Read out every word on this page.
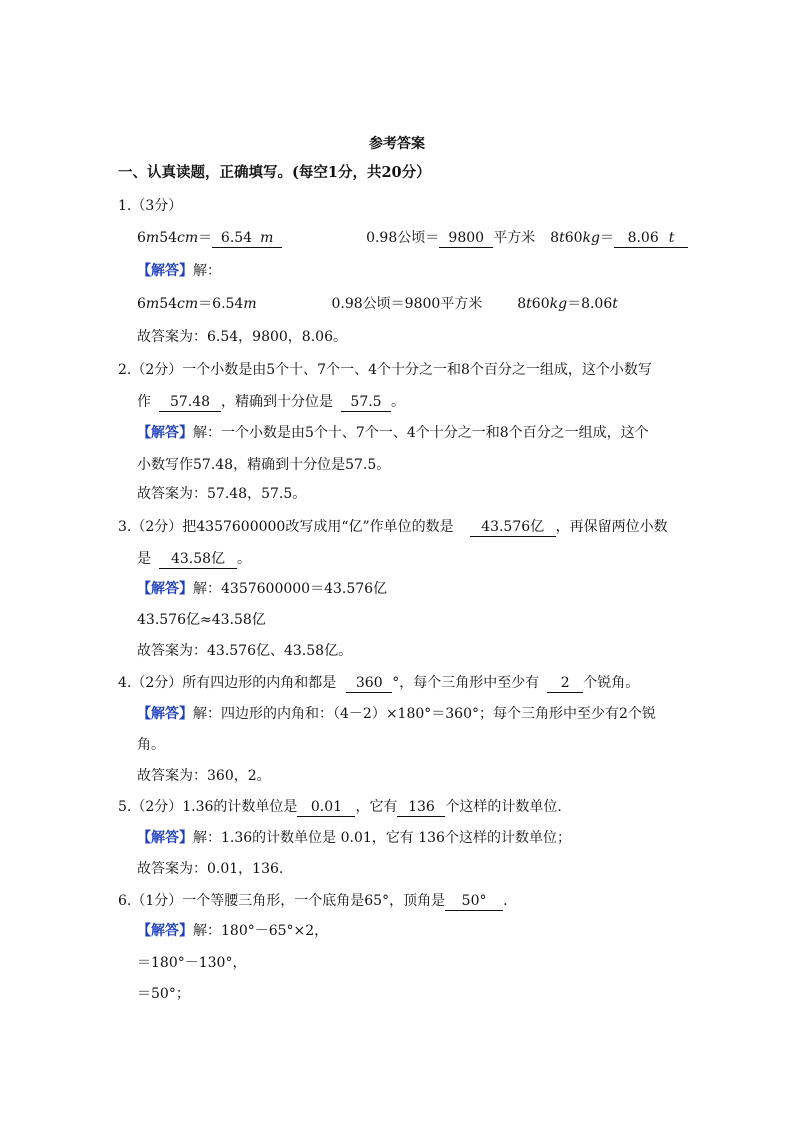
参考答案
一、认真读题，正确填写。(每空1分，共20分）
1.（3分）
6m54cm＝ 6.54 m	0.98公顷＝ 9800 平方米 8t60kg＝ 8.06 t
【解答】解：
6m54cm＝6.54m	0.98公顷＝9800平方米 8t60kg＝8.06t
故答案为：6.54，9800，8.06。
2.（2分）一个小数是由5个十、7个一、4个十分之一和8个百分之一组成，这个小数写
作 57.48 ，精确到十分位是 57.5 。
【解答】解：一个小数是由5个十、7个一、4个十分之一和8个百分之一组成，这个
小数写作57.48，精确到十分位是57.5。
故答案为：57.48，57.5。
3.（2分）把4357600000改写成用“亿”作单位的数是 43.576亿 ，再保留两位小数
是 43.58亿 。
【解答】解：4357600000＝43.576亿
43.576亿≈43.58亿
故答案为：43.576亿、43.58亿。
4.（2分）所有四边形的内角和都是 360 °，每个三角形中至少有 2 个锐角。
【解答】解：四边形的内角和：（4－2）×180°＝360°；每个三角形中至少有2个锐
角。
故答案为：360，2。
5.（2分）1.36的计数单位是 0.01 ，它有 136 个这样的计数单位.
【解答】解：1.36的计数单位是 0.01，它有 136个这样的计数单位；
故答案为：0.01，136.
6.（1分）一个等腰三角形，一个底角是65°，顶角是 50° .
【解答】解：180°－65°×2，
＝180°－130°，
＝50°；
